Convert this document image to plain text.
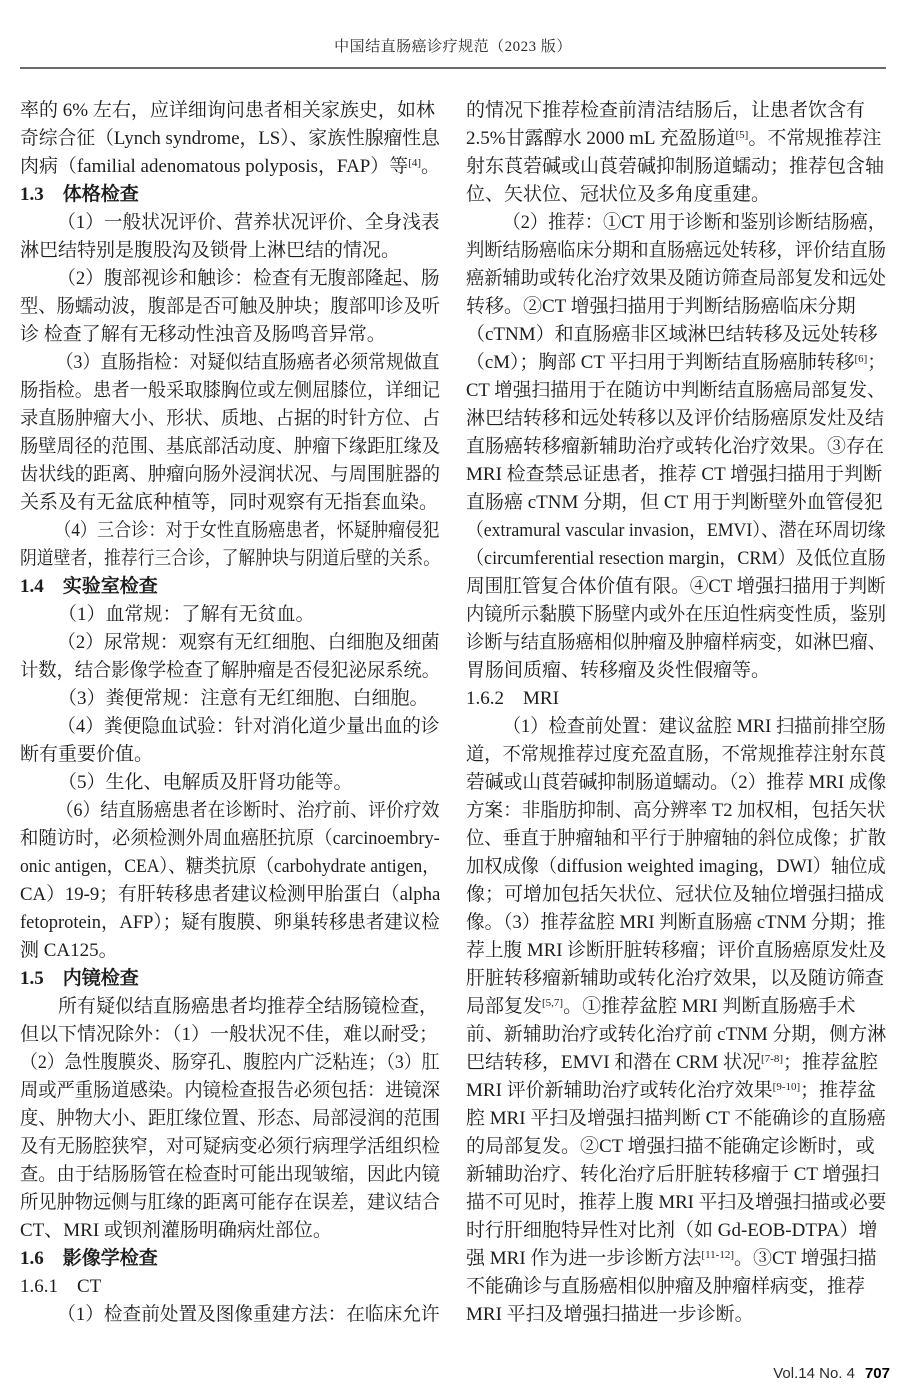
中国结直肠癌诊疗规范（2023 版）
率的 6% 左右，应详细询问患者相关家族史，如林
奇综合征（Lynch syndrome，LS）、家族性腺瘤性息
肉病（familial adenomatous polyposis，FAP）等[4]。
1.3　体格检查
（1）一般状况评价、营养状况评价、全身浅表
淋巴结特别是腹股沟及锁骨上淋巴结的情况。
（2）腹部视诊和触诊：检查有无腹部隆起、肠
型、肠蠕动波，腹部是否可触及肿块；腹部叩诊及听
诊 检查了解有无移动性浊音及肠鸣音异常。
（3）直肠指检：对疑似结直肠癌者必须常规做直
肠指检。患者一般采取膝胸位或左侧屈膝位，详细记
录直肠肿瘤大小、形状、质地、占据的时针方位、占
肠壁周径的范围、基底部活动度、肿瘤下缘距肛缘及
齿状线的距离、肿瘤向肠外浸润状况、与周围脏器的
关系及有无盆底种植等，同时观察有无指套血染。
（4）三合诊：对于女性直肠癌患者，怀疑肿瘤侵犯
阴道壁者，推荐行三合诊，了解肿块与阴道后壁的关系。
1.4　实验室检查
（1）血常规：了解有无贫血。
（2）尿常规：观察有无红细胞、白细胞及细菌
计数，结合影像学检查了解肿瘤是否侵犯泌尿系统。
（3）粪便常规：注意有无红细胞、白细胞。
（4）粪便隐血试验：针对消化道少量出血的诊
断有重要价值。
（5）生化、电解质及肝肾功能等。
（6）结直肠癌患者在诊断时、治疗前、评价疗效
和随访时，必须检测外周血癌胚抗原（carcinoembry-
onic antigen，CEA）、糖类抗原（carbohydrate antigen，
CA）19-9；有肝转移患者建议检测甲胎蛋白（alpha
fetoprotein，AFP）；疑有腹膜、卵巢转移患者建议检
测 CA125。
1.5　内镜检查
所有疑似结直肠癌患者均推荐全结肠镜检查，
但以下情况除外：（1）一般状况不佳，难以耐受；
（2）急性腹膜炎、肠穿孔、腹腔内广泛粘连；（3）肛
周或严重肠道感染。内镜检查报告必须包括：进镜深
度、肿物大小、距肛缘位置、形态、局部浸润的范围
及有无肠腔狭窄，对可疑病变必须行病理学活组织检
查。由于结肠肠管在检查时可能出现皱缩，因此内镜
所见肿物远侧与肛缘的距离可能存在误差，建议结合
CT、MRI 或钡剂灌肠明确病灶部位。
1.6　影像学检查
1.6.1　CT
（1）检查前处置及图像重建方法：在临床允许
的情况下推荐检查前清洁结肠后，让患者饮含有
2.5%甘露醇水 2000 mL 充盈肠道[5]。不常规推荐注
射东莨菪碱或山莨菪碱抑制肠道蠕动；推荐包含轴
位、矢状位、冠状位及多角度重建。
（2）推荐：①CT 用于诊断和鉴别诊断结肠癌，
判断结肠癌临床分期和直肠癌远处转移，评价结直肠
癌新辅助或转化治疗效果及随访筛查局部复发和远处
转移。②CT 增强扫描用于判断结肠癌临床分期
（cTNM）和直肠癌非区域淋巴结转移及远处转移
（cM）；胸部 CT 平扫用于判断结直肠癌肺转移[6]；
CT 增强扫描用于在随访中判断结直肠癌局部复发、
淋巴结转移和远处转移以及评价结肠癌原发灶及结
直肠癌转移瘤新辅助治疗或转化治疗效果。③存在
MRI 检查禁忌证患者，推荐 CT 增强扫描用于判断
直肠癌 cTNM 分期，但 CT 用于判断壁外血管侵犯
（extramural vascular invasion，EMVI）、潜在环周切缘
（circumferential resection margin，CRM）及低位直肠
周围肛管复合体价值有限。④CT 增强扫描用于判断
内镜所示黏膜下肠壁内或外在压迫性病变性质，鉴别
诊断与结直肠癌相似肿瘤及肿瘤样病变，如淋巴瘤、
胃肠间质瘤、转移瘤及炎性假瘤等。
1.6.2　MRI
（1）检查前处置：建议盆腔 MRI 扫描前排空肠
道，不常规推荐过度充盈直肠，不常规推荐注射东莨
菪碱或山莨菪碱抑制肠道蠕动。（2）推荐 MRI 成像
方案：非脂肪抑制、高分辨率 T2 加权相，包括矢状
位、垂直于肿瘤轴和平行于肿瘤轴的斜位成像；扩散
加权成像（diffusion weighted imaging，DWI）轴位成
像；可增加包括矢状位、冠状位及轴位增强扫描成
像。（3）推荐盆腔 MRI 判断直肠癌 cTNM 分期；推
荐上腹 MRI 诊断肝脏转移瘤；评价直肠癌原发灶及
肝脏转移瘤新辅助或转化治疗效果，以及随访筛查
局部复发[5,7]。①推荐盆腔 MRI 判断直肠癌手术
前、新辅助治疗或转化治疗前 cTNM 分期，侧方淋
巴结转移，EMVI 和潜在 CRM 状况[7-8]；推荐盆腔
MRI 评价新辅助治疗或转化治疗效果[9-10]；推荐盆
腔 MRI 平扫及增强扫描判断 CT 不能确诊的直肠癌
的局部复发。②CT 增强扫描不能确定诊断时，或
新辅助治疗、转化治疗后肝脏转移瘤于 CT 增强扫
描不可见时，推荐上腹 MRI 平扫及增强扫描或必要
时行肝细胞特异性对比剂（如 Gd-EOB-DTPA）增
强 MRI 作为进一步诊断方法[11-12]。③CT 增强扫描
不能确诊与直肠癌相似肿瘤及肿瘤样病变，推荐
MRI 平扫及增强扫描进一步诊断。
Vol.14 No. 4 707
